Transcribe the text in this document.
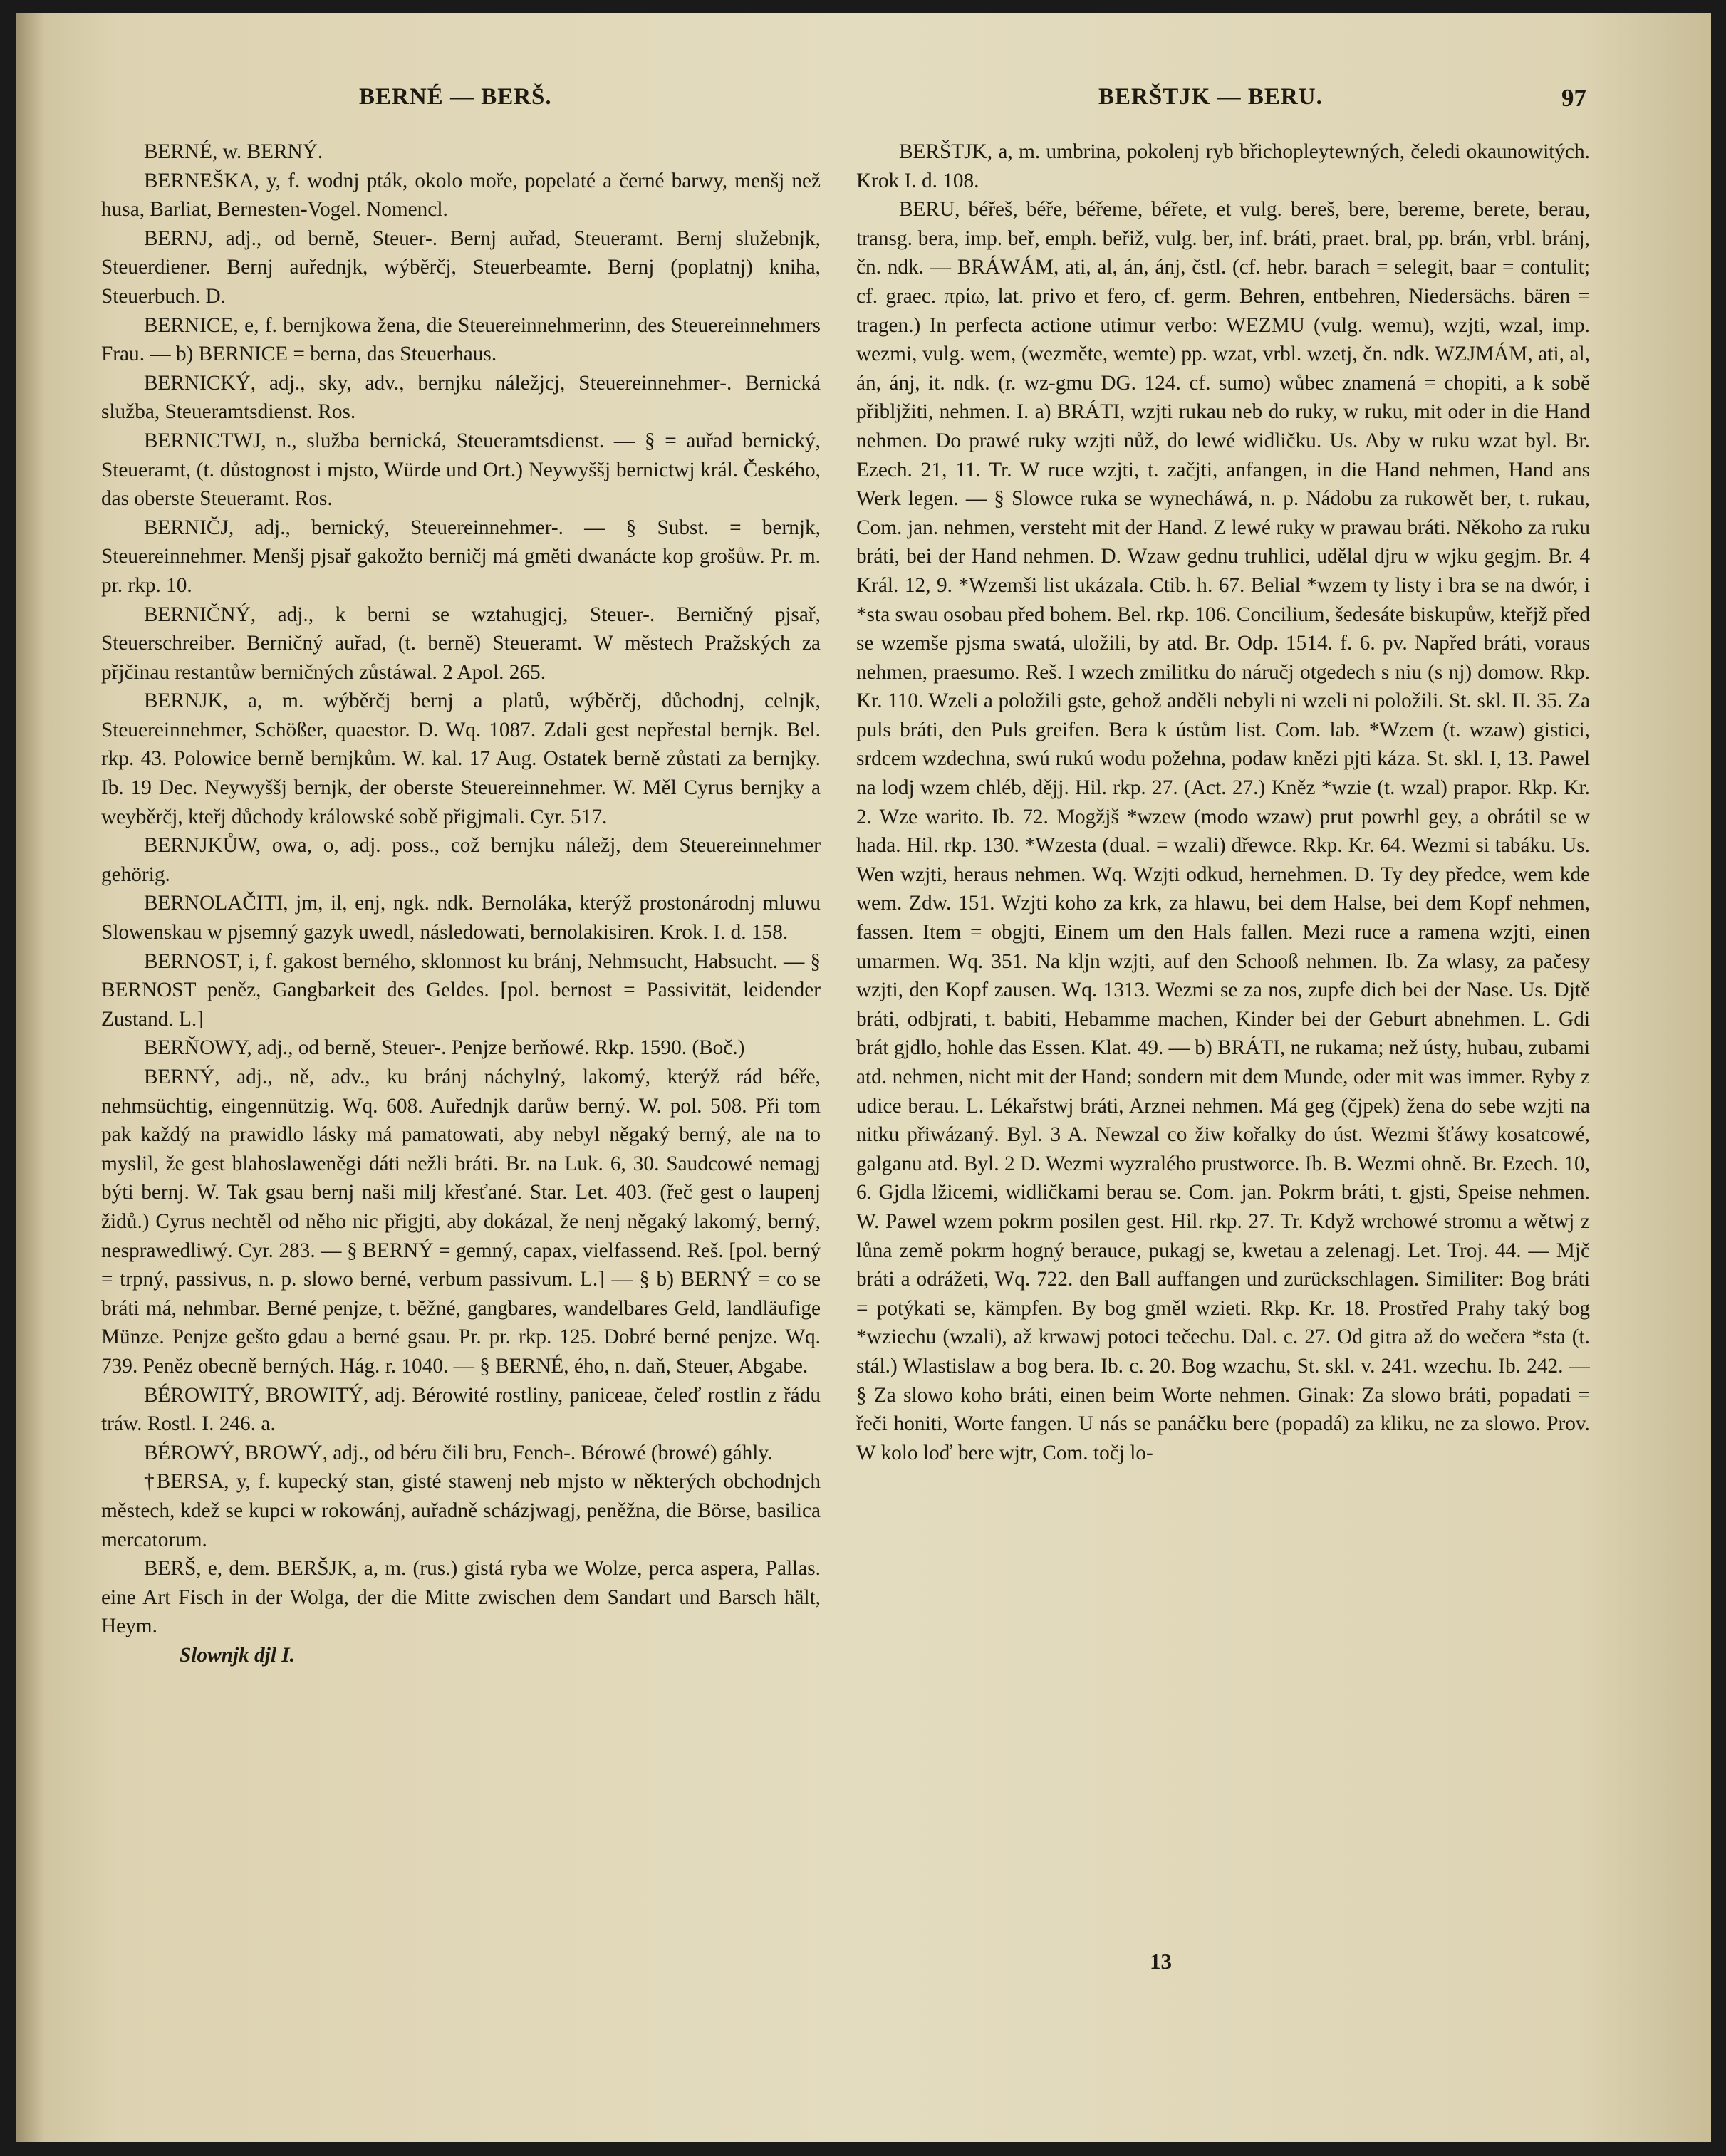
BERNÉ — BERŠ.	BERŠTJK — BERU.	97

BERNÉ, w. BERNÝ.

BERNEŠKA, y, f. wodnj pták, okolo moře, popelaté a černé barwy, menšj než husa, Barliat, Bernesten-Vogel. Nomencl.

BERNJ, adj., od berně, Steuer-. Bernj auřad, Steueramt. Bernj služebnjk, Steuerdiener. Bernj auřednjk, wýběrčj, Steuerbeamte. Bernj (poplatnj) kniha, Steuerbuch. D.

BERNICE, e, f. bernjkowa žena, die Steuereinnehmerinn, des Steuereinnehmers Frau. — b) BERNICE = berna, das Steuerhaus.

BERNICKÝ, adj., sky, adv., bernjku náležjcj, Steuereinnehmer-. Bernická služba, Steueramtsdienst. Ros.

BERNICTWJ, n., služba bernická, Steueramtsdienst. — § = auřad bernický, Steueramt, (t. důstognost i mjsto, Würde und Ort.) Neywyššj bernictwj král. Českého, das oberste Steueramt. Ros.

BERNIČJ, adj., bernický, Steuereinnehmer-. — § Subst. = bernjk, Steuereinnehmer. Menšj pjsař gakožto berničj má gměti dwanácte kop grošůw. Pr. m. pr. rkp. 10.

BERNIČNÝ, adj., k berni se wztahugjcj, Steuer-. Berničný pjsař, Steuerschreiber. Berničný auřad, (t. berně) Steueramt. W městech Pražských za přjčinau restantůw berničných zůstáwal. 2 Apol. 265.

BERNJK, a, m. wýběrčj bernj a platů, wýběrčj, důchodnj, celnjk, Steuereinnehmer, Schößer, quaestor. D. Wq. 1087. Zdali gest nepřestal bernjk. Bel. rkp. 43. Polowice berně bernjkům. W. kal. 17 Aug. Ostatek berně zůstati za bernjky. Ib. 19 Dec. Neywyššj bernjk, der oberste Steuereinnehmer. W. Měl Cyrus bernjky a weyběrčj, kteřj důchody králowské sobě přigjmali. Cyr. 517.

BERNJKŮW, owa, o, adj. poss., což bernjku náležj, dem Steuereinnehmer gehörig.

BERNOLAČITI, jm, il, enj, ngk. ndk. Bernoláka, kterýž prostonárodnj mluwu Slowenskau w pjsemný gazyk uwedl, následowati, bernolakisiren. Krok. I. d. 158.

BERNOST, i, f. gakost berného, sklonnost ku bránj, Nehmsucht, Habsucht. — § BERNOST peněz, Gangbarkeit des Geldes. [pol. bernost = Passivität, leidender Zustand. L.]

BERŇOWY, adj., od berně, Steuer-. Penjze berňowé. Rkp. 1590. (Boč.)

BERNÝ, adj., ně, adv., ku bránj náchylný, lakomý, kterýž rád béře, nehmsüchtig, eingennützig. Wq. 608. Auřednjk darůw berný. W. pol. 508. Při tom pak každý na prawidlo lásky má pamatowati, aby nebyl něgaký berný, ale na to myslil, že gest blahoslaweněgi dáti nežli bráti. Br. na Luk. 6, 30. Saudcowé nemagj býti bernj. W. Tak gsau bernj naši milj křesťané. Star. Let. 403. (řeč gest o laupenj židů.) Cyrus nechtěl od něho nic přigjti, aby dokázal, že nenj něgaký lakomý, berný, nesprawedliwý. Cyr. 283. — § BERNÝ = gemný, capax, vielfassend. Reš. [pol. berný = trpný, passivus, n. p. slowo berné, verbum passivum. L.] — § b) BERNÝ = co se bráti má, nehmbar. Berné penjze, t. běžné, gangbares, wandelbares Geld, landläufige Münze. Penjze gešto gdau a berné gsau. Pr. pr. rkp. 125. Dobré berné penjze. Wq. 739. Peněz obecně berných. Hág. r. 1040. — § BERNÉ, ého, n. daň, Steuer, Abgabe.

BÉROWITÝ, BROWITÝ, adj. Bérowité rostliny, paniceae, čeleď rostlin z řádu tráw. Rostl. I. 246. a.

BÉROWÝ, BROWÝ, adj., od béru čili bru, Fench-. Bérowé (browé) gáhly.

†BERSA, y, f. kupecký stan, gisté stawenj neb mjsto w některých obchodnjch městech, kdež se kupci w rokowánj, auřadně scházjwagj, peněžna, die Börse, basilica mercatorum.

BERŠ, e, dem. BERŠJK, a, m. (rus.) gistá ryba we Wolze, perca aspera, Pallas. eine Art Fisch in der Wolga, der die Mitte zwischen dem Sandart und Barsch hält, Heym.

Slownjk djl I.

BERŠTJK, a, m. umbrina, pokolenj ryb břichopleytewných, čeledi okaunowitých. Krok I. d. 108.

BERU, béřeš, béře, béřeme, béřete, et vulg. bereš, bere, bereme, berete, berau, transg. bera, imp. beř, emph. beřiž, vulg. ber, inf. bráti, praet. bral, pp. brán, vrbl. bránj, čn. ndk. — BRÁWÁM, ati, al, án, ánj, čstl. (cf. hebr. barach = selegit, baar = contulit; cf. graec. πρίω, lat. privo et fero, cf. germ. Behren, entbehren, Niedersächs. bären = tragen.) In perfecta actione utimur verbo: WEZMU (vulg. wemu), wzjti, wzal, imp. wezmi, vulg. wem, (wezměte, wemte) pp. wzat, vrbl. wzetj, čn. ndk. WZJMÁM, ati, al, án, ánj, it. ndk. (r. wz-gmu DG. 124. cf. sumo) wůbec znamená = chopiti, a k sobě přibljžiti, nehmen. I. a) BRÁTI, wzjti rukau neb do ruky, w ruku, mit oder in die Hand nehmen. Do prawé ruky wzjti nůž, do lewé widličku. Us. Aby w ruku wzat byl. Br. Ezech. 21, 11. Tr. W ruce wzjti, t. začjti, anfangen, in die Hand nehmen, Hand ans Werk legen. — § Slowce ruka se wynecháwá, n. p. Nádobu za rukowět ber, t. rukau, Com. jan. nehmen, versteht mit der Hand. Z lewé ruky w prawau bráti. Někoho za ruku bráti, bei der Hand nehmen. D. Wzaw gednu truhlici, udělal djru w wjku gegjm. Br. 4 Král. 12, 9. *Wzemši list ukázala. Ctib. h. 67. Belial *wzem ty listy i bra se na dwór, i *sta swau osobau před bohem. Bel. rkp. 106. Concilium, šedesáte biskupůw, kteřjž před se wzemše pjsma swatá, uložili, by atd. Br. Odp. 1514. f. 6. pv. Napřed bráti, voraus nehmen, praesumo. Reš. I wzech zmilitku do náručj otgedech s niu (s nj) domow. Rkp. Kr. 110. Wzeli a položili gste, gehož anděli nebyli ni wzeli ni položili. St. skl. II. 35. Za puls bráti, den Puls greifen. Bera k ústům list. Com. lab. *Wzem (t. wzaw) gistici, srdcem wzdechna, swú rukú wodu požehna, podaw knězi pjti káza. St. skl. I, 13. Pawel na lodj wzem chléb, dějj. Hil. rkp. 27. (Act. 27.) Kněz *wzie (t. wzal) prapor. Rkp. Kr. 2. Wze warito. Ib. 72. Mogžjš *wzew (modo wzaw) prut powrhl gey, a obrátil se w hada. Hil. rkp. 130. *Wzesta (dual. = wzali) dřewce. Rkp. Kr. 64. Wezmi si tabáku. Us. Wen wzjti, heraus nehmen. Wq. Wzjti odkud, hernehmen. D. Ty dey předce, wem kde wem. Zdw. 151. Wzjti koho za krk, za hlawu, bei dem Halse, bei dem Kopf nehmen, fassen. Item = obgjti, Einem um den Hals fallen. Mezi ruce a ramena wzjti, einen umarmen. Wq. 351. Na kljn wzjti, auf den Schooß nehmen. Ib. Za wlasy, za pačesy wzjti, den Kopf zausen. Wq. 1313. Wezmi se za nos, zupfe dich bei der Nase. Us. Djtě bráti, odbjrati, t. babiti, Hebamme machen, Kinder bei der Geburt abnehmen. L. Gdi brát gjdlo, hohle das Essen. Klat. 49. — b) BRÁTI, ne rukama; než ústy, hubau, zubami atd. nehmen, nicht mit der Hand; sondern mit dem Munde, oder mit was immer. Ryby z udice berau. L. Lékařstwj bráti, Arznei nehmen. Má geg (čjpek) žena do sebe wzjti na nitku přiwázaný. Byl. 3 A. Newzal co žiw kořalky do úst. Wezmi šťáwy kosatcowé, galganu atd. Byl. 2 D. Wezmi wyzralého prustworce. Ib. B. Wezmi ohně. Br. Ezech. 10, 6. Gjdla lžicemi, widličkami berau se. Com. jan. Pokrm bráti, t. gjsti, Speise nehmen. W. Pawel wzem pokrm posilen gest. Hil. rkp. 27. Tr. Když wrchowé stromu a wětwj z lůna země pokrm hogný berauce, pukagj se, kwetau a zelenagj. Let. Troj. 44. — Mjč bráti a odrážeti, Wq. 722. den Ball auffangen und zurückschlagen. Similiter: Bog bráti = potýkati se, kämpfen. By bog gměl wzieti. Rkp. Kr. 18. Prostřed Prahy taký bog *wziechu (wzali), až krwawj potoci tečechu. Dal. c. 27. Od gitra až do wečera *sta (t. stál.) Wlastislaw a bog bera. Ib. c. 20. Bog wzachu, St. skl. v. 241. wzechu. Ib. 242. — § Za slowo koho bráti, einen beim Worte nehmen. Ginak: Za slowo bráti, popadati = řeči honiti, Worte fangen. U nás se panáčku bere (popadá) za kliku, ne za slowo. Prov. W kolo loď bere wjtr, Com. točj lo-

13
